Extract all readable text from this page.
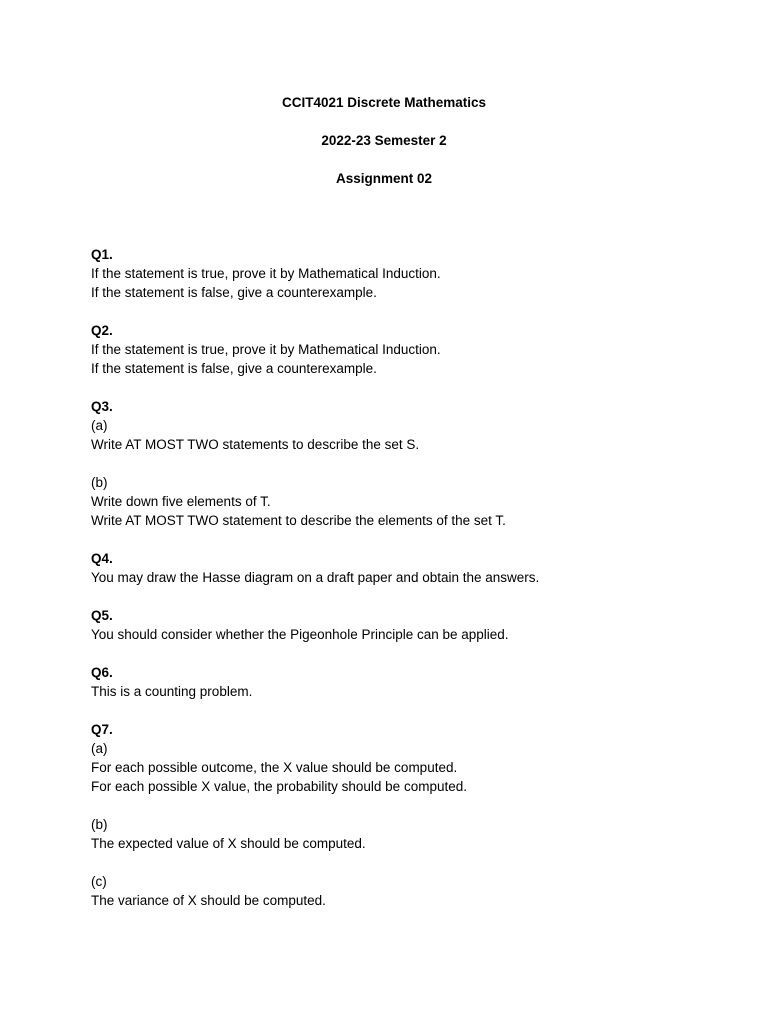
CCIT4021 Discrete Mathematics
2022-23 Semester 2
Assignment 02
Q1.
If the statement is true, prove it by Mathematical Induction.
If the statement is false, give a counterexample.
Q2.
If the statement is true, prove it by Mathematical Induction.
If the statement is false, give a counterexample.
Q3.
(a)
Write AT MOST TWO statements to describe the set S.
(b)
Write down five elements of T.
Write AT MOST TWO statement to describe the elements of the set T.
Q4.
You may draw the Hasse diagram on a draft paper and obtain the answers.
Q5.
You should consider whether the Pigeonhole Principle can be applied.
Q6.
This is a counting problem.
Q7.
(a)
For each possible outcome, the X value should be computed.
For each possible X value, the probability should be computed.
(b)
The expected value of X should be computed.
(c)
The variance of X should be computed.
